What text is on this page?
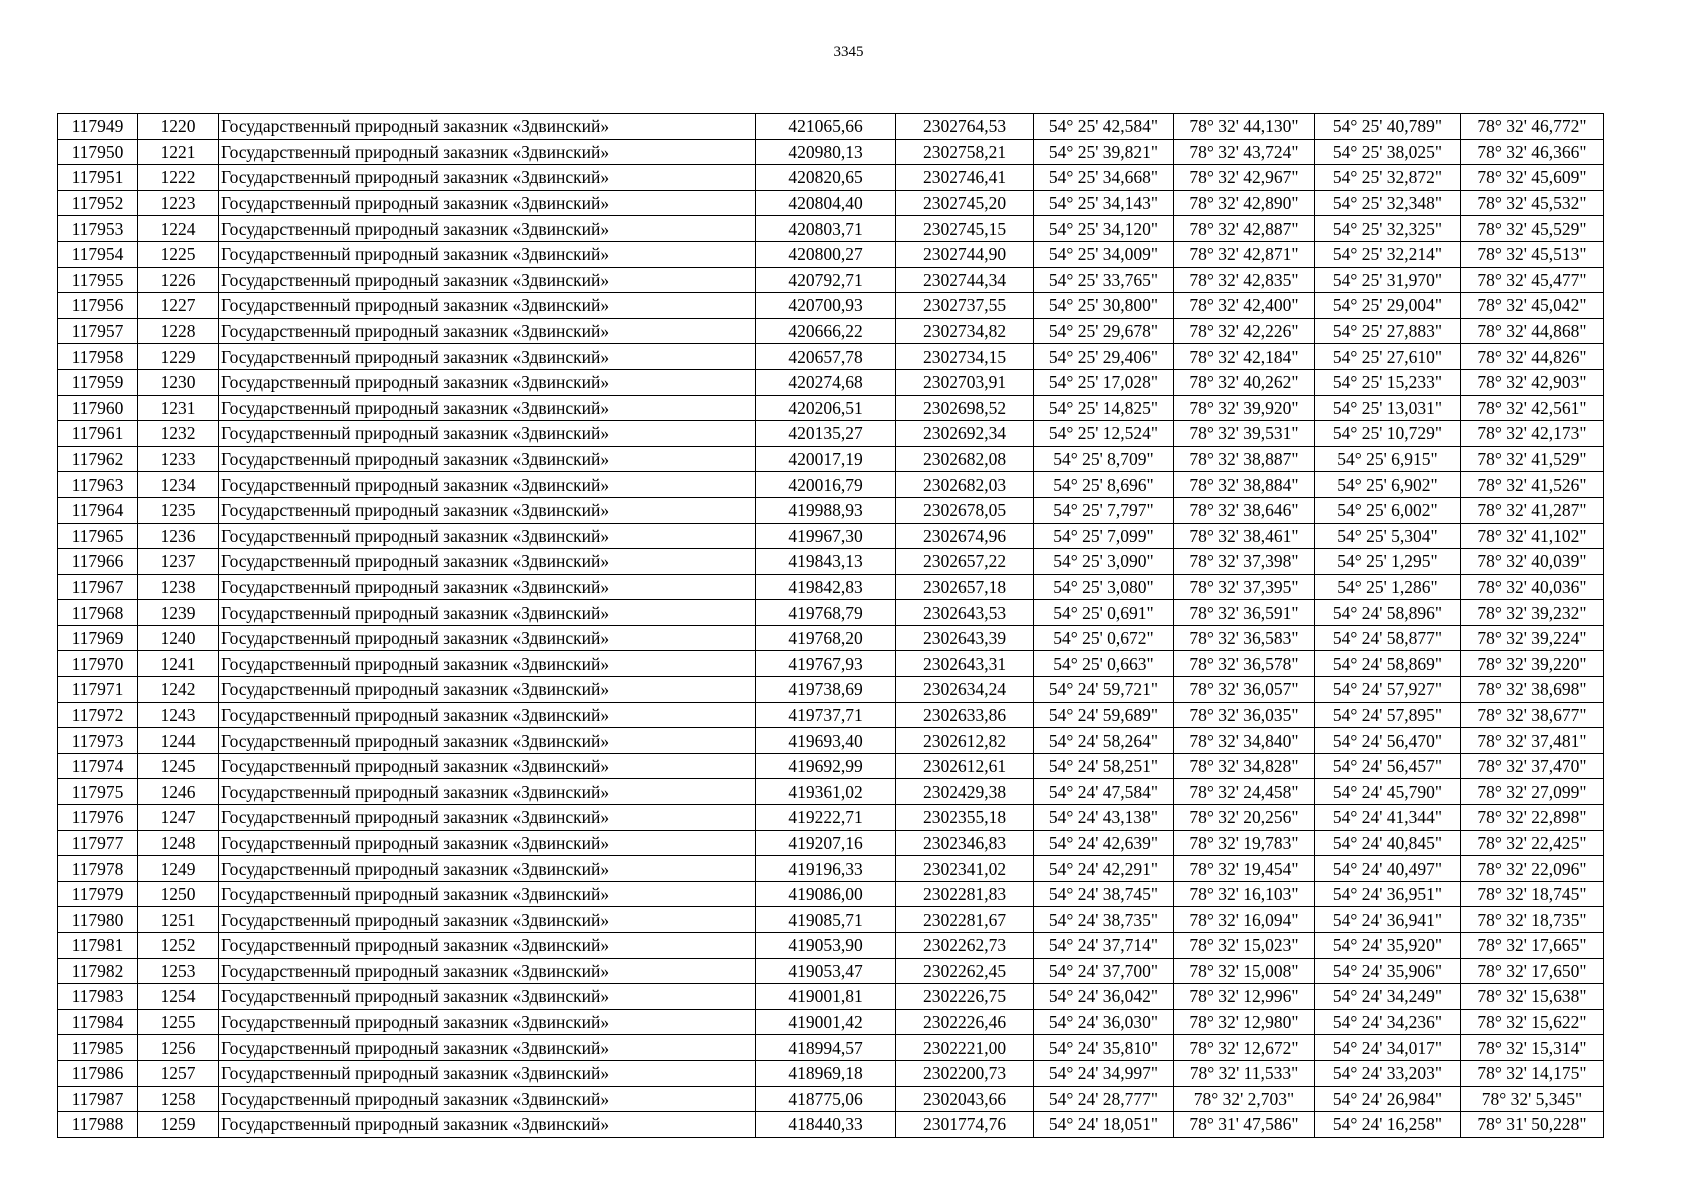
3345
117949	1220	Государственный природный заказник «Здвинский»	421065,66	2302764,53	54° 25' 42,584"	78° 32' 44,130"	54° 25' 40,789"	78° 32' 46,772"
117950	1221	Государственный природный заказник «Здвинский»	420980,13	2302758,21	54° 25' 39,821"	78° 32' 43,724"	54° 25' 38,025"	78° 32' 46,366"
117951	1222	Государственный природный заказник «Здвинский»	420820,65	2302746,41	54° 25' 34,668"	78° 32' 42,967"	54° 25' 32,872"	78° 32' 45,609"
117952	1223	Государственный природный заказник «Здвинский»	420804,40	2302745,20	54° 25' 34,143"	78° 32' 42,890"	54° 25' 32,348"	78° 32' 45,532"
117953	1224	Государственный природный заказник «Здвинский»	420803,71	2302745,15	54° 25' 34,120"	78° 32' 42,887"	54° 25' 32,325"	78° 32' 45,529"
117954	1225	Государственный природный заказник «Здвинский»	420800,27	2302744,90	54° 25' 34,009"	78° 32' 42,871"	54° 25' 32,214"	78° 32' 45,513"
117955	1226	Государственный природный заказник «Здвинский»	420792,71	2302744,34	54° 25' 33,765"	78° 32' 42,835"	54° 25' 31,970"	78° 32' 45,477"
117956	1227	Государственный природный заказник «Здвинский»	420700,93	2302737,55	54° 25' 30,800"	78° 32' 42,400"	54° 25' 29,004"	78° 32' 45,042"
117957	1228	Государственный природный заказник «Здвинский»	420666,22	2302734,82	54° 25' 29,678"	78° 32' 42,226"	54° 25' 27,883"	78° 32' 44,868"
117958	1229	Государственный природный заказник «Здвинский»	420657,78	2302734,15	54° 25' 29,406"	78° 32' 42,184"	54° 25' 27,610"	78° 32' 44,826"
117959	1230	Государственный природный заказник «Здвинский»	420274,68	2302703,91	54° 25' 17,028"	78° 32' 40,262"	54° 25' 15,233"	78° 32' 42,903"
117960	1231	Государственный природный заказник «Здвинский»	420206,51	2302698,52	54° 25' 14,825"	78° 32' 39,920"	54° 25' 13,031"	78° 32' 42,561"
117961	1232	Государственный природный заказник «Здвинский»	420135,27	2302692,34	54° 25' 12,524"	78° 32' 39,531"	54° 25' 10,729"	78° 32' 42,173"
117962	1233	Государственный природный заказник «Здвинский»	420017,19	2302682,08	54° 25' 8,709"	78° 32' 38,887"	54° 25' 6,915"	78° 32' 41,529"
117963	1234	Государственный природный заказник «Здвинский»	420016,79	2302682,03	54° 25' 8,696"	78° 32' 38,884"	54° 25' 6,902"	78° 32' 41,526"
117964	1235	Государственный природный заказник «Здвинский»	419988,93	2302678,05	54° 25' 7,797"	78° 32' 38,646"	54° 25' 6,002"	78° 32' 41,287"
117965	1236	Государственный природный заказник «Здвинский»	419967,30	2302674,96	54° 25' 7,099"	78° 32' 38,461"	54° 25' 5,304"	78° 32' 41,102"
117966	1237	Государственный природный заказник «Здвинский»	419843,13	2302657,22	54° 25' 3,090"	78° 32' 37,398"	54° 25' 1,295"	78° 32' 40,039"
117967	1238	Государственный природный заказник «Здвинский»	419842,83	2302657,18	54° 25' 3,080"	78° 32' 37,395"	54° 25' 1,286"	78° 32' 40,036"
117968	1239	Государственный природный заказник «Здвинский»	419768,79	2302643,53	54° 25' 0,691"	78° 32' 36,591"	54° 24' 58,896"	78° 32' 39,232"
117969	1240	Государственный природный заказник «Здвинский»	419768,20	2302643,39	54° 25' 0,672"	78° 32' 36,583"	54° 24' 58,877"	78° 32' 39,224"
117970	1241	Государственный природный заказник «Здвинский»	419767,93	2302643,31	54° 25' 0,663"	78° 32' 36,578"	54° 24' 58,869"	78° 32' 39,220"
117971	1242	Государственный природный заказник «Здвинский»	419738,69	2302634,24	54° 24' 59,721"	78° 32' 36,057"	54° 24' 57,927"	78° 32' 38,698"
117972	1243	Государственный природный заказник «Здвинский»	419737,71	2302633,86	54° 24' 59,689"	78° 32' 36,035"	54° 24' 57,895"	78° 32' 38,677"
117973	1244	Государственный природный заказник «Здвинский»	419693,40	2302612,82	54° 24' 58,264"	78° 32' 34,840"	54° 24' 56,470"	78° 32' 37,481"
117974	1245	Государственный природный заказник «Здвинский»	419692,99	2302612,61	54° 24' 58,251"	78° 32' 34,828"	54° 24' 56,457"	78° 32' 37,470"
117975	1246	Государственный природный заказник «Здвинский»	419361,02	2302429,38	54° 24' 47,584"	78° 32' 24,458"	54° 24' 45,790"	78° 32' 27,099"
117976	1247	Государственный природный заказник «Здвинский»	419222,71	2302355,18	54° 24' 43,138"	78° 32' 20,256"	54° 24' 41,344"	78° 32' 22,898"
117977	1248	Государственный природный заказник «Здвинский»	419207,16	2302346,83	54° 24' 42,639"	78° 32' 19,783"	54° 24' 40,845"	78° 32' 22,425"
117978	1249	Государственный природный заказник «Здвинский»	419196,33	2302341,02	54° 24' 42,291"	78° 32' 19,454"	54° 24' 40,497"	78° 32' 22,096"
117979	1250	Государственный природный заказник «Здвинский»	419086,00	2302281,83	54° 24' 38,745"	78° 32' 16,103"	54° 24' 36,951"	78° 32' 18,745"
117980	1251	Государственный природный заказник «Здвинский»	419085,71	2302281,67	54° 24' 38,735"	78° 32' 16,094"	54° 24' 36,941"	78° 32' 18,735"
117981	1252	Государственный природный заказник «Здвинский»	419053,90	2302262,73	54° 24' 37,714"	78° 32' 15,023"	54° 24' 35,920"	78° 32' 17,665"
117982	1253	Государственный природный заказник «Здвинский»	419053,47	2302262,45	54° 24' 37,700"	78° 32' 15,008"	54° 24' 35,906"	78° 32' 17,650"
117983	1254	Государственный природный заказник «Здвинский»	419001,81	2302226,75	54° 24' 36,042"	78° 32' 12,996"	54° 24' 34,249"	78° 32' 15,638"
117984	1255	Государственный природный заказник «Здвинский»	419001,42	2302226,46	54° 24' 36,030"	78° 32' 12,980"	54° 24' 34,236"	78° 32' 15,622"
117985	1256	Государственный природный заказник «Здвинский»	418994,57	2302221,00	54° 24' 35,810"	78° 32' 12,672"	54° 24' 34,017"	78° 32' 15,314"
117986	1257	Государственный природный заказник «Здвинский»	418969,18	2302200,73	54° 24' 34,997"	78° 32' 11,533"	54° 24' 33,203"	78° 32' 14,175"
117987	1258	Государственный природный заказник «Здвинский»	418775,06	2302043,66	54° 24' 28,777"	78° 32' 2,703"	54° 24' 26,984"	78° 32' 5,345"
117988	1259	Государственный природный заказник «Здвинский»	418440,33	2301774,76	54° 24' 18,051"	78° 31' 47,586"	54° 24' 16,258"	78° 31' 50,228"
